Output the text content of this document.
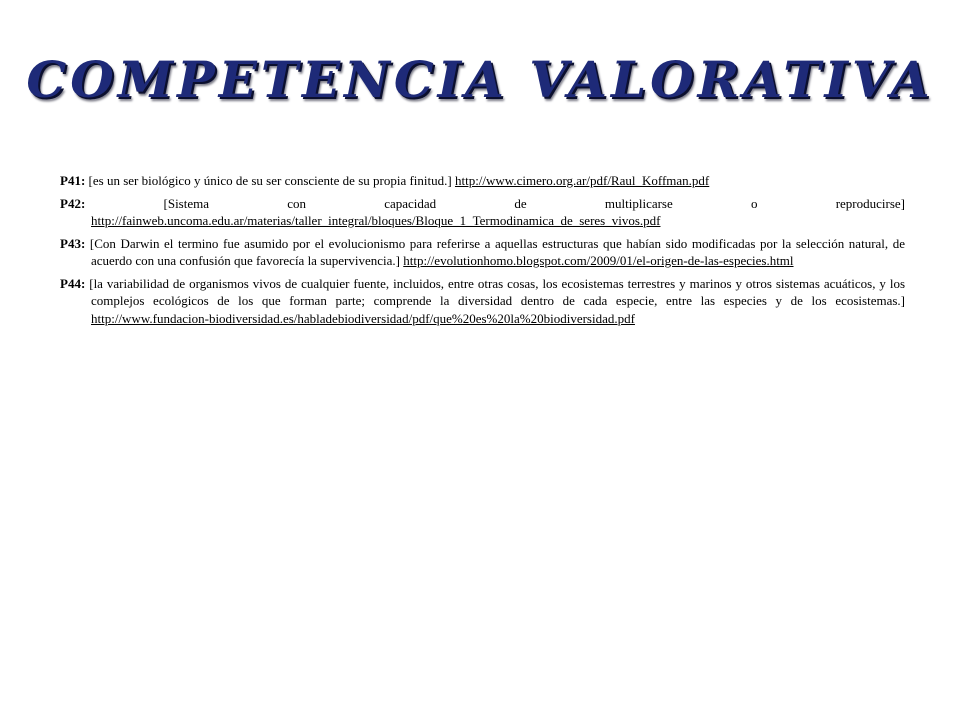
COMPETENCIA VALORATIVA

P41: [es un ser biológico y único de su ser consciente de su propia finitud.] http://www.cimero.org.ar/pdf/Raul_Koffman.pdf

P42:	[Sistema con capacidad de multiplicarse o reproducirse] http://fainweb.uncoma.edu.ar/materias/taller_integral/bloques/Bloque_1_Termodinamica_de_seres_vivos.pdf

P43: [Con Darwin el termino fue asumido por el evolucionismo para referirse a aquellas estructuras que habían sido modificadas por la selección natural, de acuerdo con una confusión que favorecía la supervivencia.] http://evolutionhomo.blogspot.com/2009/01/el-origen-de-las-especies.html

P44: [la variabilidad de organismos vivos de cualquier fuente, incluidos, entre otras cosas, los ecosistemas terrestres y marinos y otros sistemas acuáticos, y los complejos ecológicos de los que forman parte; comprende la diversidad dentro de cada especie, entre las especies y de los ecosistemas.] http://www.fundacion-biodiversidad.es/habladebiodiversidad/pdf/que%20es%20la%20biodiversidad.pdf
